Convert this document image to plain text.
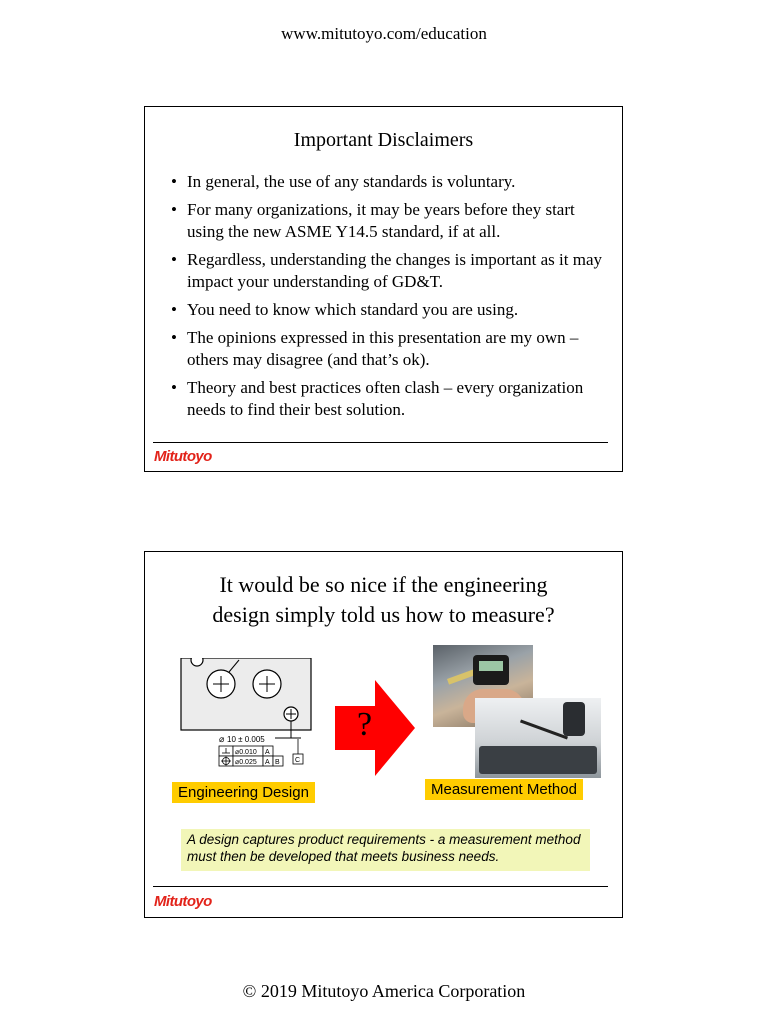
www.mitutoyo.com/education
Important Disclaimers
• In general, the use of any standards is voluntary.
• For many organizations, it may be years before they start using the new ASME Y14.5 standard, if at all.
• Regardless, understanding the changes is important as it may impact your understanding of GD&T.
• You need to know which standard you are using.
• The opinions expressed in this presentation are my own – others may disagree (and that’s ok).
• Theory and best practices often clash – every organization needs to find their best solution.
Mitutoyo
It would be so nice if the engineering
design simply told us how to measure?
10 ± 0.005
⌀
⌀0.010 A
⌀0.025 A B C
?
Engineering Design	Measurement Method
A design captures product requirements - a measurement method must then be developed that meets business needs.
Mitutoyo
© 2019 Mitutoyo America Corporation
